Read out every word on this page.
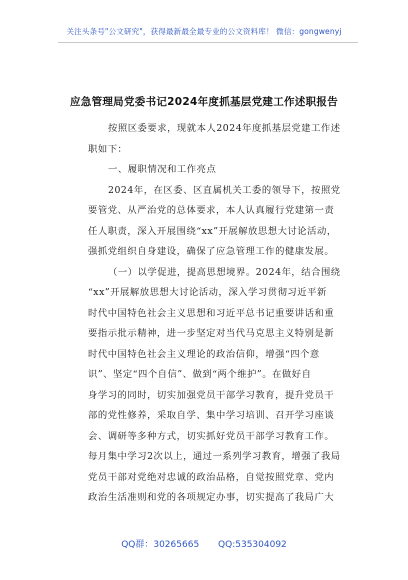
关注头条号"公文研究"，获得最新最全最专业的公文资料库！ 微信：gongwenyj
应急管理局党委书记2024年度抓基层党建工作述职报告
按照区委要求，现就本人2024年度抓基层党建工作述
职如下：
一、履职情况和工作亮点
2024年，在区委、区直属机关工委的领导下，按照党
要管党、从严治党的总体要求，本人认真履行党建第一责
任人职责，深入开展围绕“xx”开展解放思想大讨论活动，
强抓党组织自身建设，确保了应急管理工作的健康发展。
（一）以学促进，提高思想境界。2024年，结合围绕
“xx”开展解放思想大讨论活动，深入学习贯彻习近平新
时代中国特色社会主义思想和习近平总书记重要讲话和重
要指示批示精神，进一步坚定对当代马克思主义特别是新
时代中国特色社会主义理论的政治信仰，增强“四个意
识”、坚定“四个自信”、做到“两个维护”。在做好自
身学习的同时，切实加强党员干部学习教育，提升党员干
部的党性修养，采取自学、集中学习培训、召开学习座谈
会、调研等多种方式，切实抓好党员干部学习教育工作。
每月集中学习2次以上，通过一系列学习教育，增强了我局
党员干部对党绝对忠诚的政治品格，自觉按照党章、党内
政治生活准则和党的各项规定办事，切实提高了我局广大
QQ群：30265665 QQ:535304092
